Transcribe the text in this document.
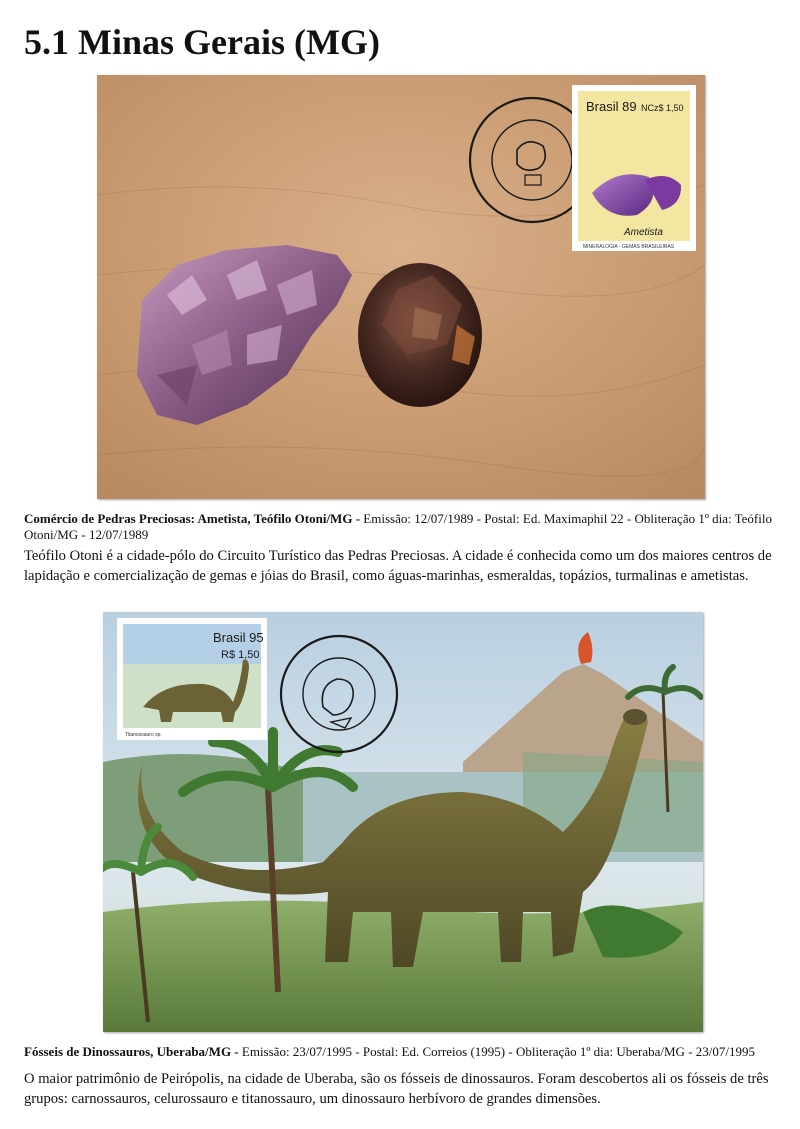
5.1 Minas Gerais (MG)
Brasil 89 NCz$ 1,50
Ametista
MINERALOGIA - GEMAS BRASILEIRAS
Comércio de Pedras Preciosas: Ametista, Teófilo Otoni/MG - Emissão: 12/07/1989 - Postal: Ed. Maximaphil 22 - Obliteração 1º dia: Teófilo Otoni/MG - 12/07/1989
Teófilo Otoni é a cidade-pólo do Circuito Turístico das Pedras Preciosas. A cidade é conhecida como um dos maiores centros de lapidação e comercialização de gemas e jóias do Brasil, como águas-marinhas, esmeraldas, topázios, turmalinas e ametistas.
Brasil 95
R$ 1,50
Titanossauro sp.
Fósseis de Dinossauros, Uberaba/MG - Emissão: 23/07/1995 - Postal: Ed. Correios (1995) - Obliteração 1º dia: Uberaba/MG - 23/07/1995
O maior patrimônio de Peirópolis, na cidade de Uberaba, são os fósseis de dinossauros. Foram descobertos ali os fósseis de três grupos: carnossauros, celurossauro e titanossauro, um dinossauro herbívoro de grandes dimensões.
